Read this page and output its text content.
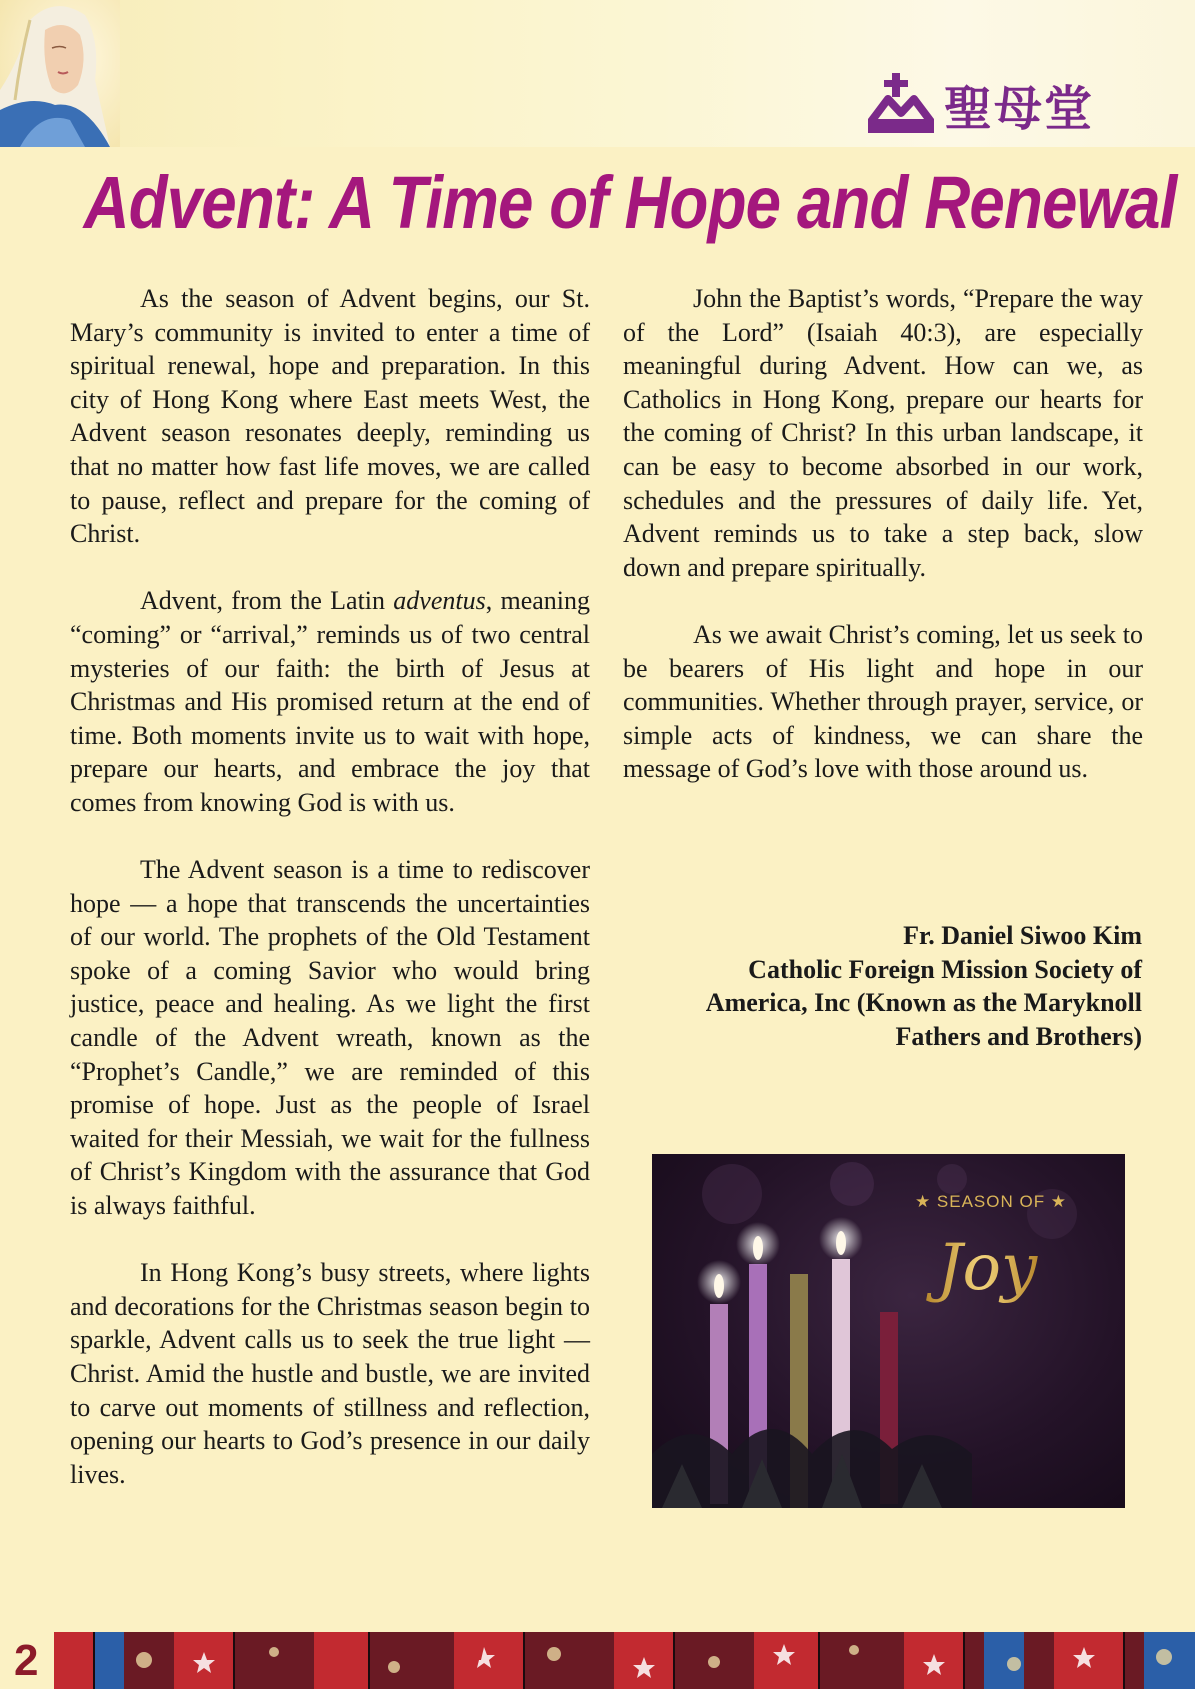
聖母堂
Advent: A Time of Hope and Renewal

As the season of Advent begins, our St. Mary’s community is invited to enter a time of spiritual renewal, hope and preparation. In this city of Hong Kong where East meets West, the Advent season resonates deeply, reminding us that no matter how fast life moves, we are called to pause, reflect and prepare for the coming of Christ.

Advent, from the Latin adventus, meaning “coming” or “arrival,” reminds us of two central mysteries of our faith: the birth of Jesus at Christmas and His promised return at the end of time. Both moments invite us to wait with hope, prepare our hearts, and embrace the joy that comes from knowing God is with us.

The Advent season is a time to rediscover hope — a hope that transcends the uncertainties of our world. The prophets of the Old Testament spoke of a coming Savior who would bring justice, peace and healing. As we light the first candle of the Advent wreath, known as the “Prophet’s Candle,” we are reminded of this promise of hope. Just as the people of Israel waited for their Messiah, we wait for the fullness of Christ’s Kingdom with the assurance that God is always faithful.

In Hong Kong’s busy streets, where lights and decorations for the Christmas season begin to sparkle, Advent calls us to seek the true light — Christ. Amid the hustle and bustle, we are invited to carve out moments of stillness and reflection, opening our hearts to God’s presence in our daily lives.

John the Baptist’s words, “Prepare the way of the Lord” (Isaiah 40:3), are especially meaningful during Advent. How can we, as Catholics in Hong Kong, prepare our hearts for the coming of Christ? In this urban landscape, it can be easy to become absorbed in our work, schedules and the pressures of daily life. Yet, Advent reminds us to take a step back, slow down and prepare spiritually.

As we await Christ’s coming, let us seek to be bearers of His light and hope in our communities. Whether through prayer, service, or simple acts of kindness, we can share the message of God’s love with those around us.

Fr. Daniel Siwoo Kim
Catholic Foreign Mission Society of
America, Inc (Known as the Maryknoll
Fathers and Brothers)
★ SEASON OF ★
Joy
2
